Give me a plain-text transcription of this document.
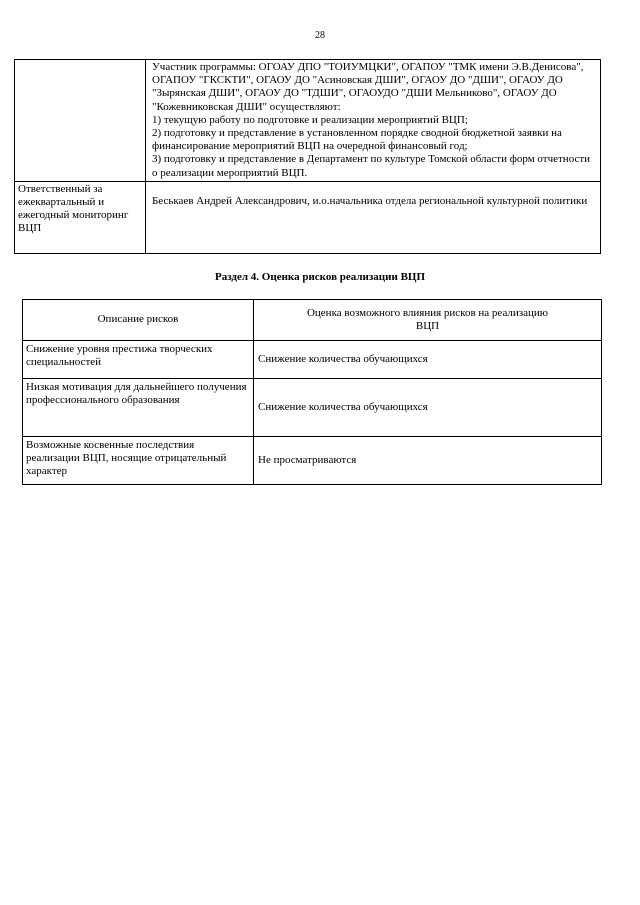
28

	Участник программы: ОГОАУ ДПО "ТОИУМЦКИ", ОГАПОУ "ТМК имени Э.В.Денисова", ОГАПОУ "ГКСКТИ", ОГАОУ ДО "Асиновская ДШИ", ОГАОУ ДО "ДШИ", ОГАОУ ДО "Зырянская ДШИ", ОГАОУ ДО "ТДШИ", ОГАОУДО "ДШИ Мельниково", ОГАОУ ДО "Кожевниковская ДШИ" осуществляют:
1) текущую работу по подготовке и реализации мероприятий ВЦП;
2) подготовку и представление в установленном порядке сводной бюджетной заявки на финансирование мероприятий ВЦП на очередной финансовый год;
3) подготовку и представление в Департамент по культуре Томской области форм отчетности о реализации мероприятий ВЦП.

Ответственный за ежеквартальный и ежегодный мониторинг ВЦП	Беськаев Андрей Александрович, и.о.начальника отдела региональной культурной политики
Раздел 4. Оценка рисков реализации ВЦП
Описание рисков	Оценка возможного влияния рисков на реализацию ВЦП
Снижение уровня престижа творческих специальностей	Снижение количества обучающихся
Низкая мотивация для дальнейшего получения профессионального образования	Снижение количества обучающихся
Возможные косвенные последствия реализации ВЦП, носящие отрицательный характер	Не просматриваются
